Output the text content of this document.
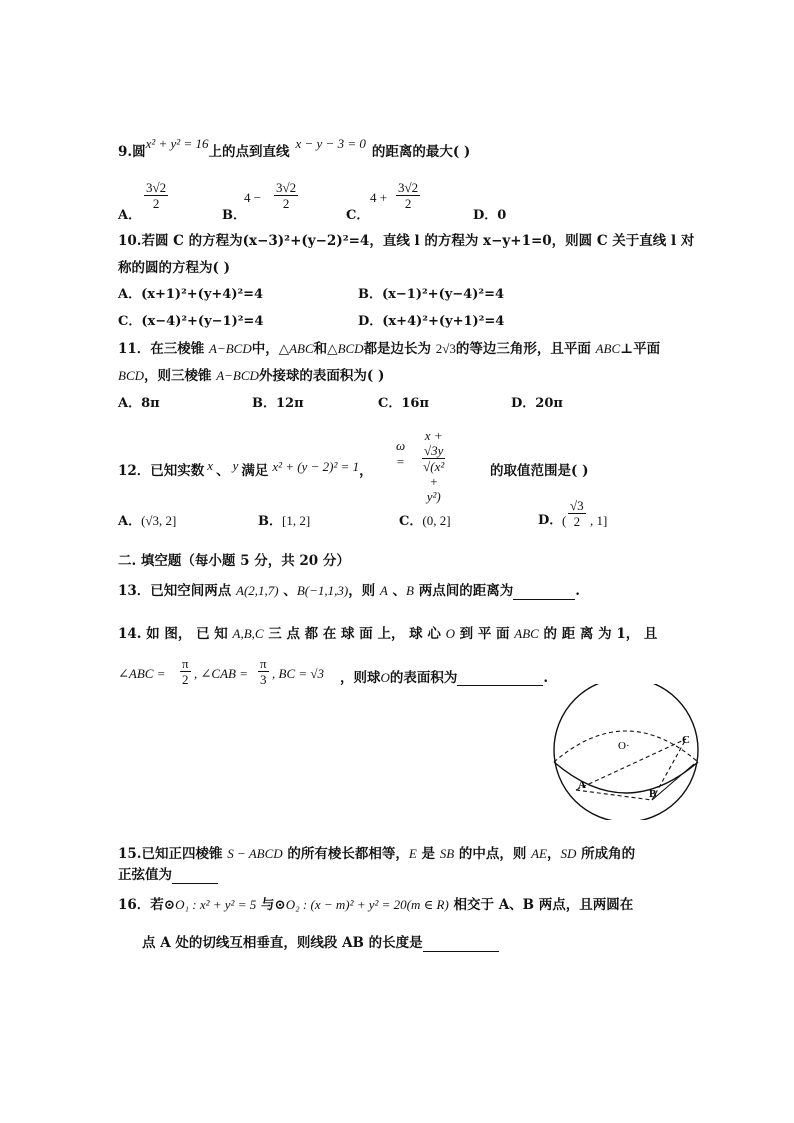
9.圆x² + y² = 16上的点到直线x − y − 3 = 0的距离的最大( )
A．
$\frac{3√2}{2}$
B．
$4 - \frac{3√2}{2}$
C．
$4 + \frac{3√2}{2}$
D．0
10.若圆 C 的方程为(x−3)²+(y−2)²=4，直线 l 的方程为 x−y+1=0，则圆 C 关于直线 l 对
称的圆的方程为( )
A．(x+1)²+(y+4)²=4	B．(x−1)²+(y−4)²=4
C．(x−4)²+(y−1)²=4	D．(x+4)²+(y+1)²=4
11．在三棱锥 A−BCD中，△ABC和△BCD都是边长为 2√3的等边三角形，且平面 ABC⊥平面
BCD，则三棱锥 A−BCD外接球的表面积为( )
A．8π	B．12π	C．16π	D．20π
12．已知实数 x 、 y 满足 x² + (y − 2)² = 1，
$\omega = \frac{x + √3y}{\text{√(x² + y²)}}$	的取值范围是( )
A．(√3, 2]	B．[1, 2]	C．(0, 2]	D． ( $\frac{√3}{2}$ , 1]
二. 填空题（每小题 5 分，共 20 分）
13．已知空间两点 A(2,1,7) 、B(−1,1,3)，则 A 、B 两点间的距离为	.
14. 如 图， 已 知 A,B,C 三 点 都 在 球 面 上， 球 心 O 到 平 面 ABC 的 距 离 为 1， 且
∠ABC = $\frac{\pi}{2}$ , ∠CAB = $\frac{\pi}{3}$ , BC = √3 ，则球O的表面积为	.
O·
A
B
C
15.已知正四棱锥 S − ABCD 的所有棱长都相等，E 是 SB 的中点，则 AE，SD 所成角的
正弦值为
16．若⊙O₁ : x² + y² = 5 与⊙O₂ : (x − m)² + y² = 20(m ∈ R) 相交于 A、B 两点，且两圆在
点 A 处的切线互相垂直，则线段 AB 的长度是
